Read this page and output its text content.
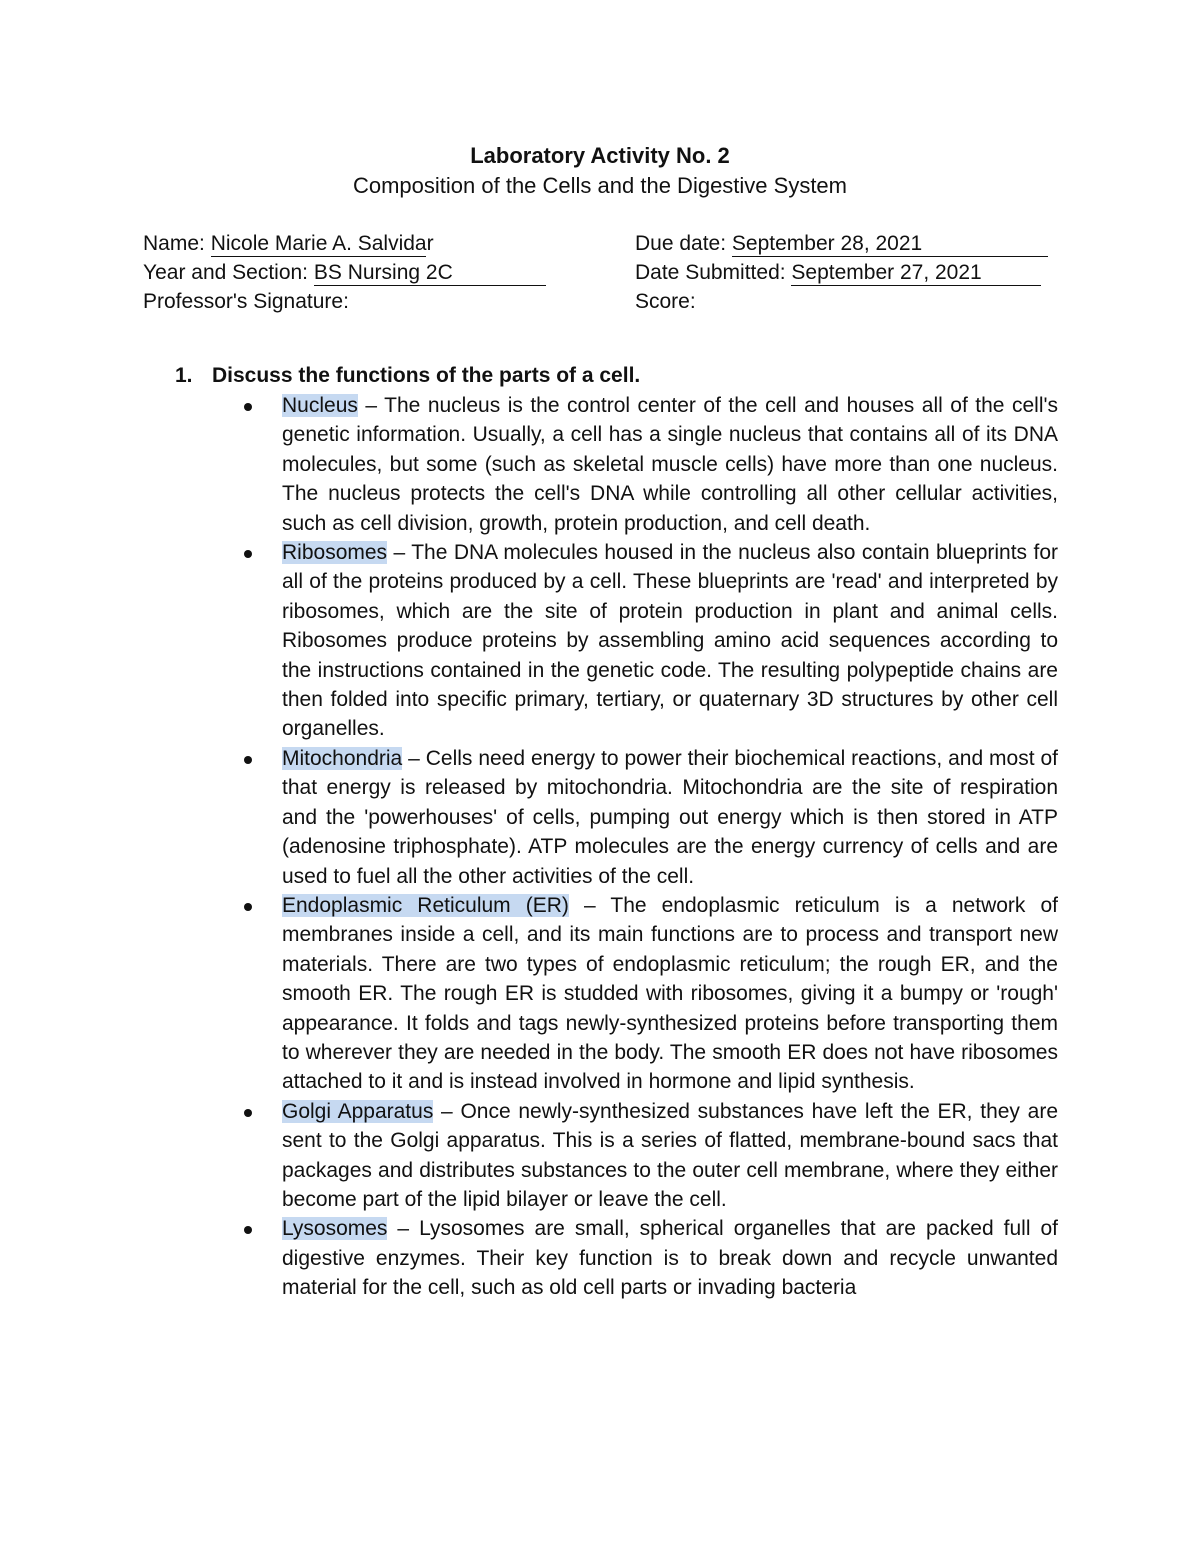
Laboratory Activity No. 2
Composition of the Cells and the Digestive System
Name: Nicole Marie A. Salvidar
Year and Section: BS Nursing 2C
Professor's Signature:
Due date: September 28, 2021
Date Submitted: September 27, 2021
Score:
1. Discuss the functions of the parts of a cell.
Nucleus – The nucleus is the control center of the cell and houses all of the cell's genetic information. Usually, a cell has a single nucleus that contains all of its DNA molecules, but some (such as skeletal muscle cells) have more than one nucleus. The nucleus protects the cell's DNA while controlling all other cellular activities, such as cell division, growth, protein production, and cell death.
Ribosomes – The DNA molecules housed in the nucleus also contain blueprints for all of the proteins produced by a cell. These blueprints are 'read' and interpreted by ribosomes, which are the site of protein production in plant and animal cells. Ribosomes produce proteins by assembling amino acid sequences according to the instructions contained in the genetic code. The resulting polypeptide chains are then folded into specific primary, tertiary, or quaternary 3D structures by other cell organelles.
Mitochondria – Cells need energy to power their biochemical reactions, and most of that energy is released by mitochondria. Mitochondria are the site of respiration and the 'powerhouses' of cells, pumping out energy which is then stored in ATP (adenosine triphosphate). ATP molecules are the energy currency of cells and are used to fuel all the other activities of the cell.
Endoplasmic Reticulum (ER) – The endoplasmic reticulum is a network of membranes inside a cell, and its main functions are to process and transport new materials. There are two types of endoplasmic reticulum; the rough ER, and the smooth ER. The rough ER is studded with ribosomes, giving it a bumpy or 'rough' appearance. It folds and tags newly-synthesized proteins before transporting them to wherever they are needed in the body. The smooth ER does not have ribosomes attached to it and is instead involved in hormone and lipid synthesis.
Golgi Apparatus – Once newly-synthesized substances have left the ER, they are sent to the Golgi apparatus. This is a series of flatted, membrane-bound sacs that packages and distributes substances to the outer cell membrane, where they either become part of the lipid bilayer or leave the cell.
Lysosomes – Lysosomes are small, spherical organelles that are packed full of digestive enzymes. Their key function is to break down and recycle unwanted material for the cell, such as old cell parts or invading bacteria
